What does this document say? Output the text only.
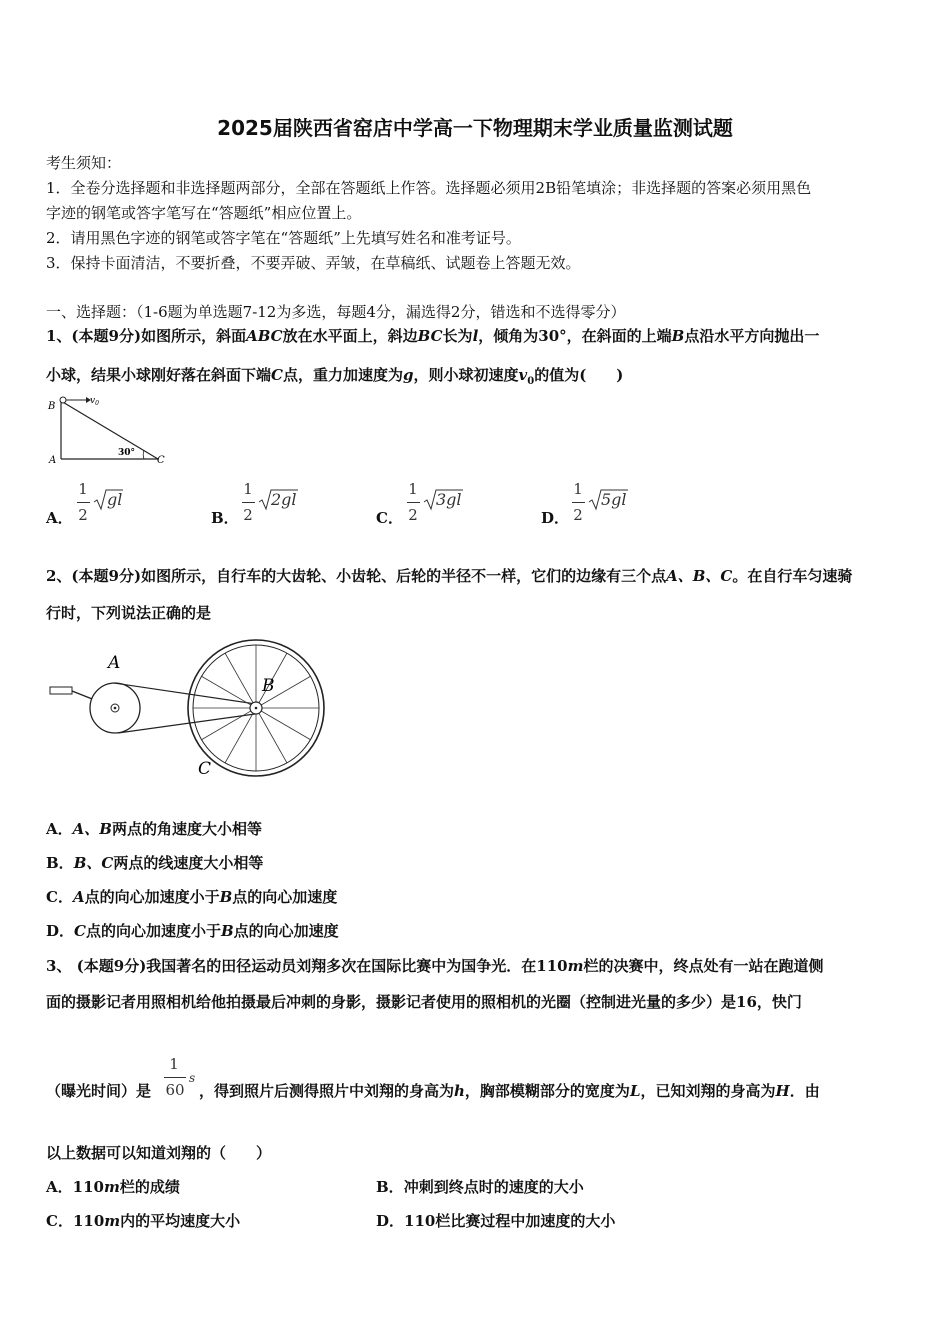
2025届陕西省窑店中学高一下物理期末学业质量监测试题
考生须知：
1．全卷分选择题和非选择题两部分，全部在答题纸上作答。选择题必须用2B铅笔填涂；非选择题的答案必须用黑色
字迹的钢笔或答字笔写在“答题纸”相应位置上。
2．请用黑色字迹的钢笔或答字笔在“答题纸”上先填写姓名和准考证号。
3．保持卡面清洁，不要折叠，不要弄破、弄皱，在草稿纸、试题卷上答题无效。
一、选择题：（1-6题为单选题7-12为多选，每题4分，漏选得2分，错选和不选得零分）
1、(本题9分)如图所示，斜面ABC放在水平面上，斜边BC长为l，倾角为30°，在斜面的上端B点沿水平方向抛出一
小球，结果小球刚好落在斜面下端C点，重力加速度为g，则小球初速度$v_0$的值为(　　)
B
A	C
$v_0$
30°
A．
1
2
gl
B．
1
2
2gl
C．
1
2
3gl
D．
1
2
5gl
2、(本题9分)如图所示，自行车的大齿轮、小齿轮、后轮的半径不一样，它们的边缘有三个点A、B、C。在自行车匀速骑
行时，下列说法正确的是
A
B
C
A．A、B两点的角速度大小相等
B．B、C两点的线速度大小相等
C．A点的向心加速度小于B点的向心加速度
D．C点的向心加速度小于B点的向心加速度
3、 (本题9分)我国著名的田径运动员刘翔多次在国际比赛中为国争光．在110m栏的决赛中，终点处有一站在跑道侧
面的摄影记者用照相机给他拍摄最后冲刺的身影，摄影记者使用的照相机的光圈（控制进光量的多少）是16，快门
（曝光时间）是
1
60
s
，得到照片后测得照片中刘翔的身高为h，胸部模糊部分的宽度为L，已知刘翔的身高为H．由
以上数据可以知道刘翔的（　　）
A．110m栏的成绩	B．冲刺到终点时的速度的大小
C．110m内的平均速度大小	D．110栏比赛过程中加速度的大小
